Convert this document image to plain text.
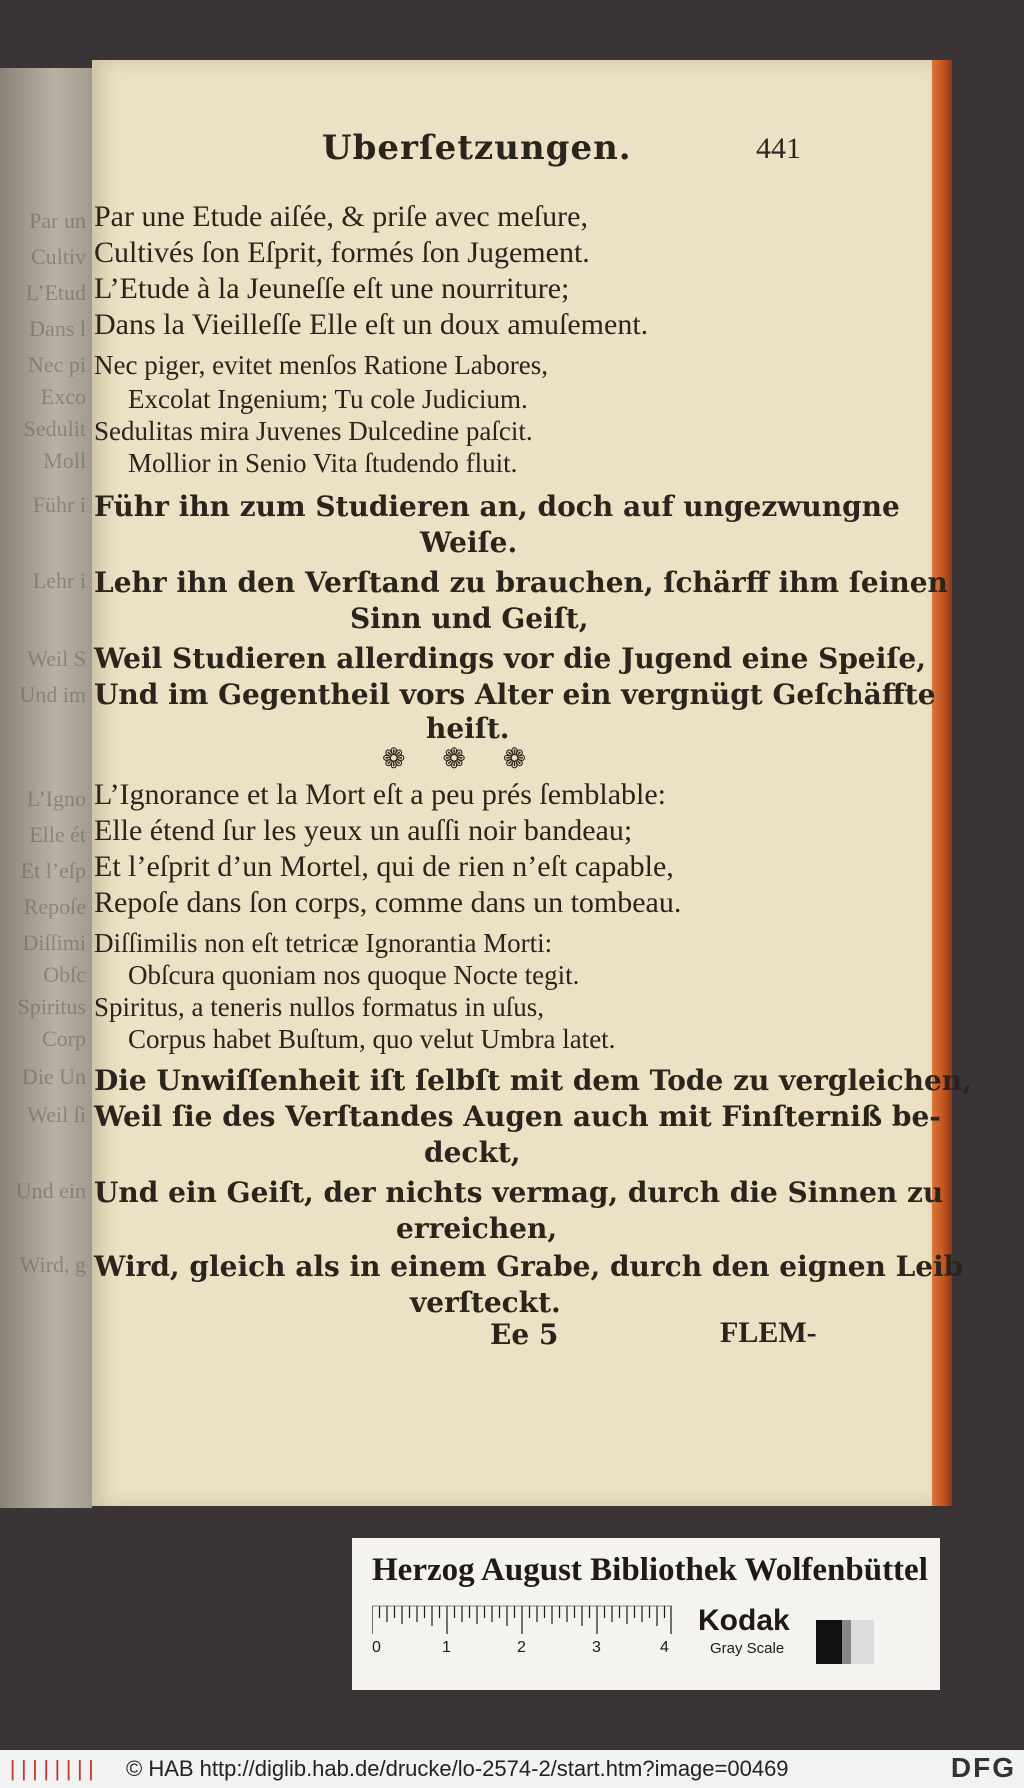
Par un
Cultiv
L’Etud
Dans l
Nec pi
Exco
Sedulit
Moll
Führ i
Lehr i
Weil S
Und im
L’Igno
Elle ét
Et l’eſp
Repoſe
Diſſimi
Obſc
Spiritus
Corp
Die Un
Weil ſi
Und ein
Wird, g
Uberſetzungen.	441
Par une Etude aiſée, & priſe avec meſure,
Cultivés ſon Eſprit, formés ſon Jugement.
L’Etude à la Jeuneſſe eſt une nourriture;
Dans la Vieilleſſe Elle eſt un doux amuſement.
Nec piger, evitet menſos Ratione Labores,
Excolat Ingenium; Tu cole Judicium.
Sedulitas mira Juvenes Dulcedine paſcit.
Mollior in Senio Vita ſtudendo fluit.
Führ ihn zum Studieren an, doch auf ungezwungne
Weiſe.
Lehr ihn den Verſtand zu brauchen, ſchärff ihm ſeinen
Sinn und Geiſt,
Weil Studieren allerdings vor die Jugend eine Speiſe,
Und im Gegentheil vors Alter ein vergnügt Geſchäffte
heiſt.
❁ ❁ ❁
L’Ignorance et la Mort eſt a peu prés ſemblable:
Elle étend ſur les yeux un auſſi noir bandeau;
Et l’eſprit d’un Mortel, qui de rien n’eſt capable,
Repoſe dans ſon corps, comme dans un tombeau.
Diſſimilis non eſt tetricæ Ignorantia Morti:
Obſcura quoniam nos quoque Nocte tegit.
Spiritus, a teneris nullos formatus in uſus,
Corpus habet Buſtum, quo velut Umbra latet.
Die Unwiſſenheit iſt ſelbſt mit dem Tode zu vergleichen,
Weil ſie des Verſtandes Augen auch mit Finſterniß be-
deckt,
Und ein Geiſt, der nichts vermag, durch die Sinnen zu
erreichen,
Wird, gleich als in einem Grabe, durch den eignen Leib
verſteckt.
Ee 5	FLEM-
Herzog August Bibliothek Wolfenbüttel
0	1	2	3	4
Kodak
Gray Scale
|||||||| © HAB http://diglib.hab.de/drucke/lo-2574-2/start.htm?image=00469	DFG
